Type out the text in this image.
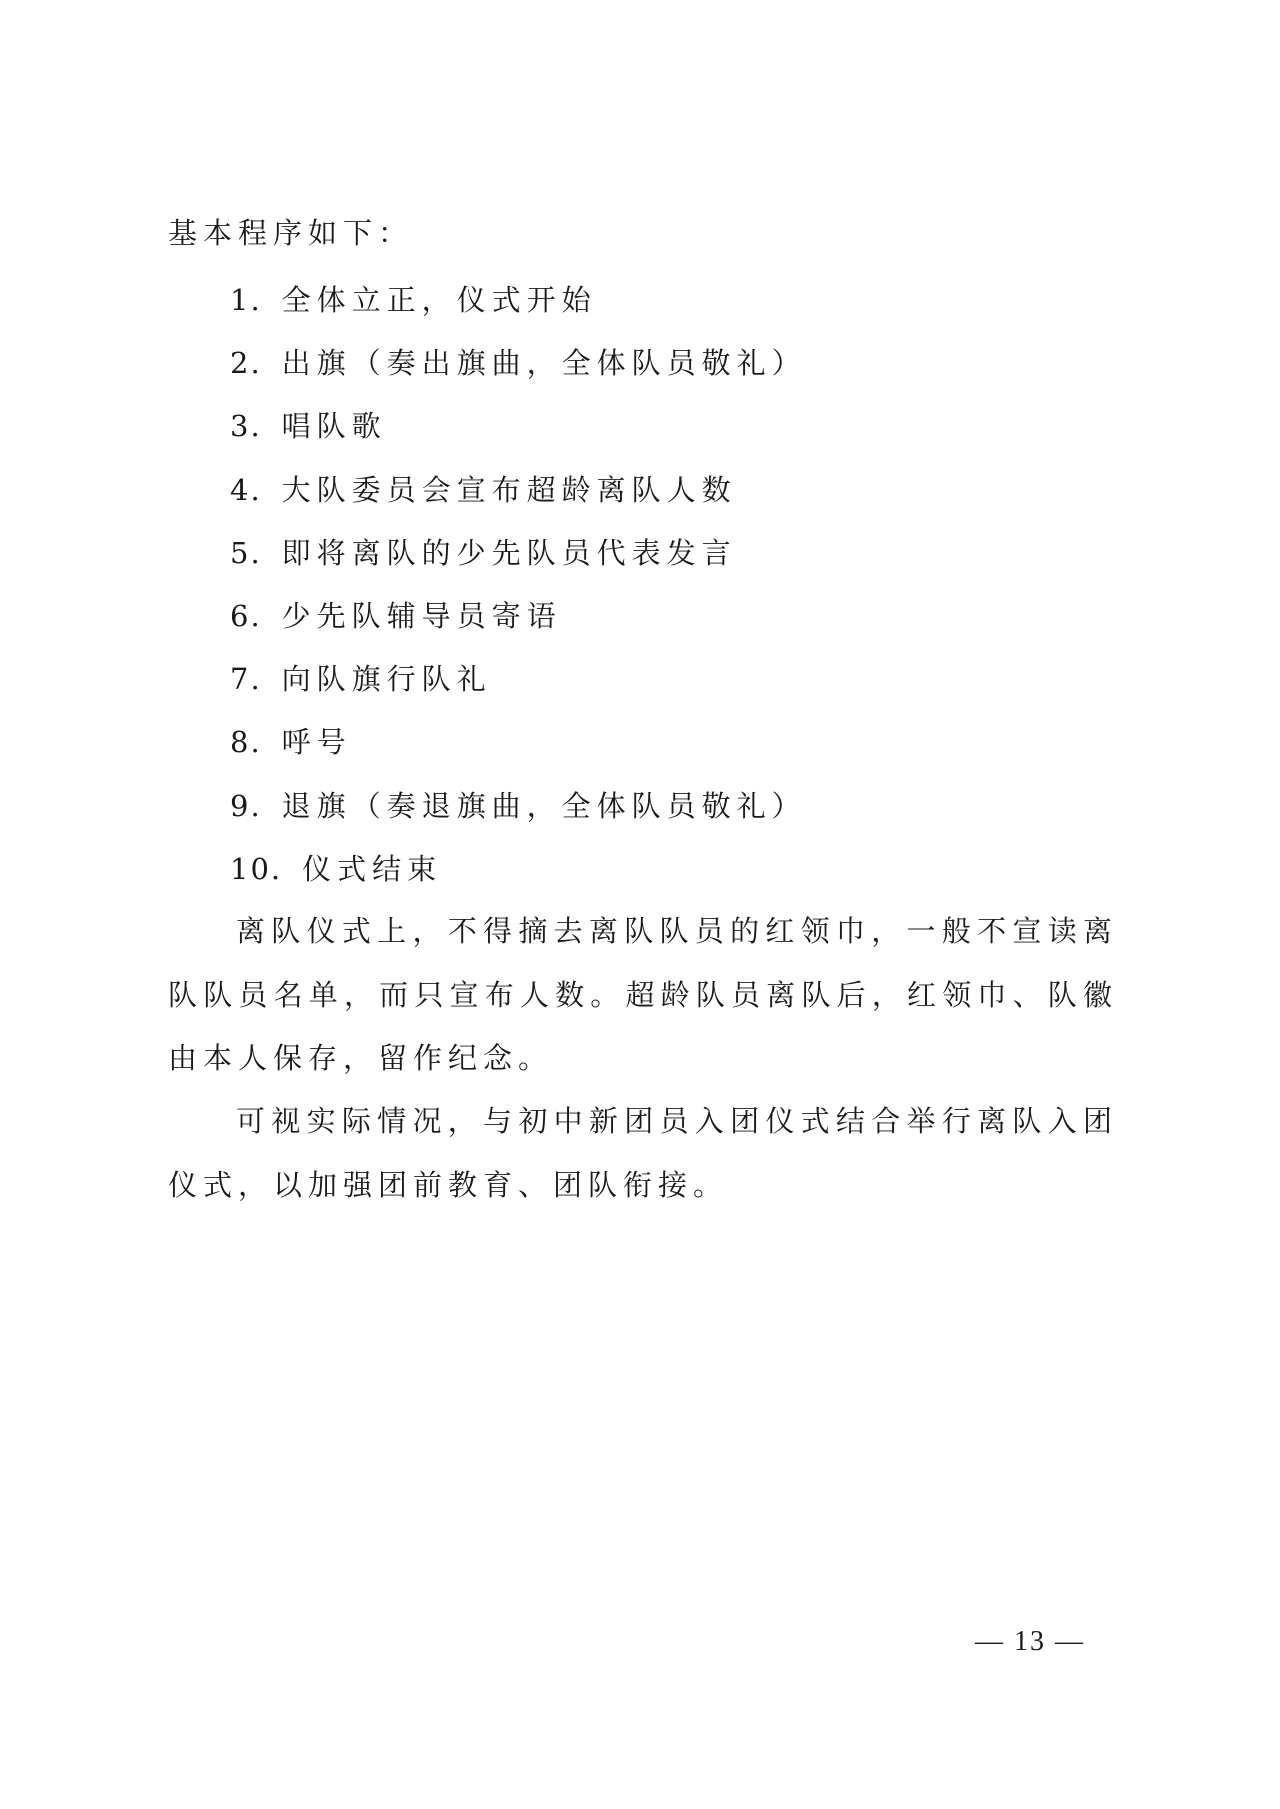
基本程序如下：
1. 全体立正，仪式开始
2. 出旗（奏出旗曲，全体队员敬礼）
3. 唱队歌
4. 大队委员会宣布超龄离队人数
5. 即将离队的少先队员代表发言
6. 少先队辅导员寄语
7. 向队旗行队礼
8. 呼号
9. 退旗（奏退旗曲，全体队员敬礼）
10. 仪式结束

离队仪式上，不得摘去离队队员的红领巾，一般不宣读离队队员名单，而只宣布人数。超龄队员离队后，红领巾、队徽由本人保存，留作纪念。

可视实际情况，与初中新团员入团仪式结合举行离队入团仪式，以加强团前教育、团队衔接。

— 13 —
